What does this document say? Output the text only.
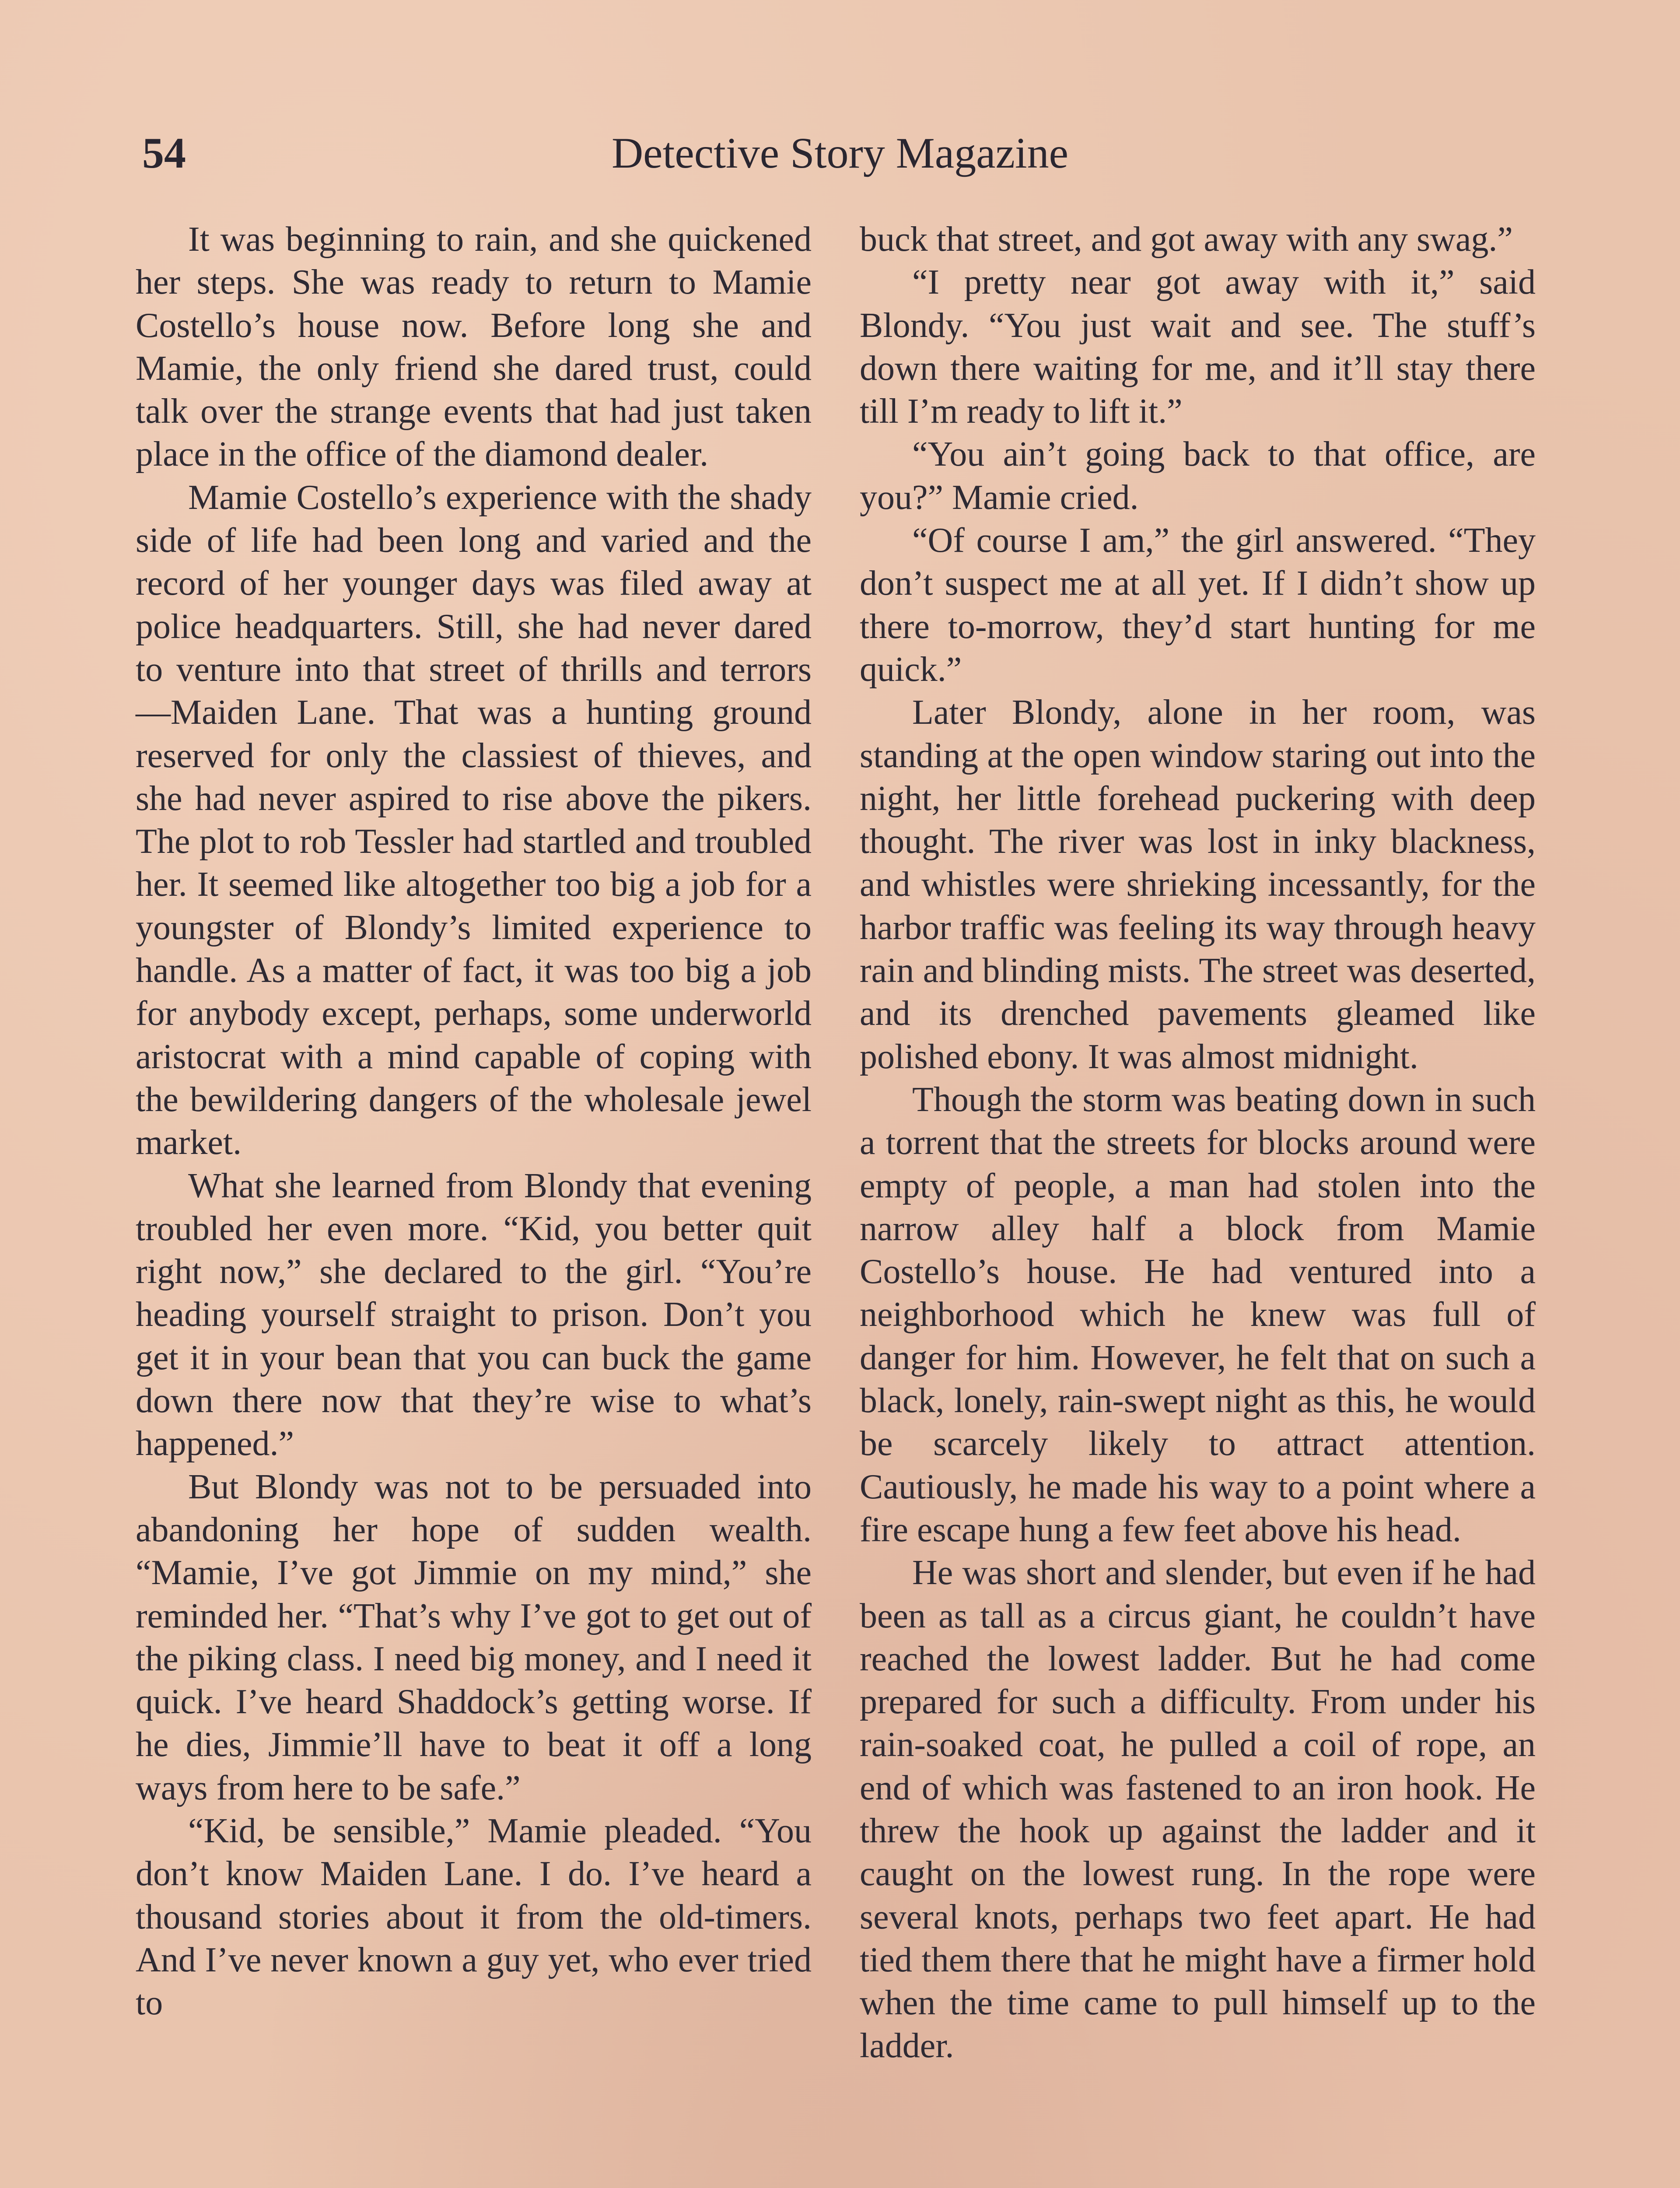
54	Detective Story Magazine

It was beginning to rain, and she quickened her steps. She was ready to return to Mamie Costello’s house now. Before long she and Mamie, the only friend she dared trust, could talk over the strange events that had just taken place in the office of the diamond dealer.

Mamie Costello’s experience with the shady side of life had been long and varied and the record of her younger days was filed away at police headquarters. Still, she had never dared to venture into that street of thrills and terrors —Maiden Lane. That was a hunting ground reserved for only the classiest of thieves, and she had never aspired to rise above the pikers. The plot to rob Tessler had startled and troubled her. It seemed like altogether too big a job for a youngster of Blondy’s limited experience to handle. As a matter of fact, it was too big a job for anybody except, perhaps, some underworld aristocrat with a mind capable of coping with the bewildering dangers of the wholesale jewel market.

What she learned from Blondy that evening troubled her even more. “Kid, you better quit right now,” she declared to the girl. “You’re heading yourself straight to prison. Don’t you get it in your bean that you can buck the game down there now that they’re wise to what’s happened.”

But Blondy was not to be persuaded into abandoning her hope of sudden wealth. “Mamie, I’ve got Jimmie on my mind,” she reminded her. “That’s why I’ve got to get out of the piking class. I need big money, and I need it quick. I’ve heard Shaddock’s getting worse. If he dies, Jimmie’ll have to beat it off a long ways from here to be safe.”

“Kid, be sensible,” Mamie pleaded. “You don’t know Maiden Lane. I do. I’ve heard a thousand stories about it from the old-timers. And I’ve never known a guy yet, who ever tried to

buck that street, and got away with any swag.”

“I pretty near got away with it,” said Blondy. “You just wait and see. The stuff’s down there waiting for me, and it’ll stay there till I’m ready to lift it.”

“You ain’t going back to that office, are you?” Mamie cried.

“Of course I am,” the girl answered. “They don’t suspect me at all yet. If I didn’t show up there to-morrow, they’d start hunting for me quick.”

Later Blondy, alone in her room, was standing at the open window staring out into the night, her little forehead puckering with deep thought. The river was lost in inky blackness, and whistles were shrieking incessantly, for the harbor traffic was feeling its way through heavy rain and blinding mists. The street was deserted, and its drenched pavements gleamed like polished ebony. It was almost midnight.

Though the storm was beating down in such a torrent that the streets for blocks around were empty of people, a man had stolen into the narrow alley half a block from Mamie Costello’s house. He had ventured into a neighborhood which he knew was full of danger for him. However, he felt that on such a black, lonely, rain-swept night as this, he would be scarcely likely to attract attention. Cautiously, he made his way to a point where a fire escape hung a few feet above his head.

He was short and slender, but even if he had been as tall as a circus giant, he couldn’t have reached the lowest ladder. But he had come prepared for such a difficulty. From under his rain-soaked coat, he pulled a coil of rope, an end of which was fastened to an iron hook. He threw the hook up against the ladder and it caught on the lowest rung. In the rope were several knots, perhaps two feet apart. He had tied them there that he might have a firmer hold when the time came to pull himself up to the ladder.
